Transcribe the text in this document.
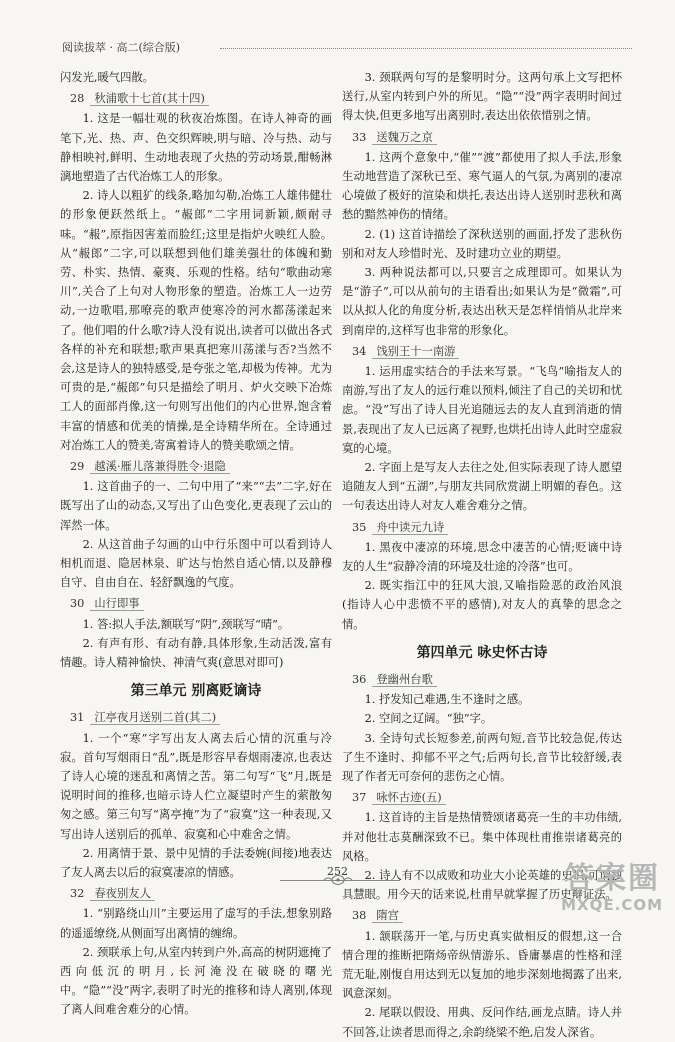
阅读拔萃 · 高二(综合版)

闪发光,暖气四散。

28 秋浦歌十七首(其十四)

1. 这是一幅壮观的秋夜冶炼图。在诗人神奇的画笔下,光、热、声、色交织辉映,明与暗、冷与热、动与静相映衬,鲜明、生动地表现了火热的劳动场景,酣畅淋漓地塑造了古代冶炼工人的形象。

2. 诗人以粗犷的线条,略加勾勒,冶炼工人雄伟健壮的形象便跃然纸上。“赧郎”二字用词新颖,颇耐寻味。“赧”,原指因害羞而脸红;这里是指炉火映红人脸。从“赧郎”二字,可以联想到他们雄美强壮的体魄和勤劳、朴实、热情、豪爽、乐观的性格。结句“歌曲动寒川”,关合了上句对人物形象的塑造。冶炼工人一边劳动,一边歌唱,那嘹亮的歌声使寒冷的河水都荡漾起来了。他们唱的什么歌?诗人没有说出,读者可以做出各式各样的补充和联想;歌声果真把寒川荡漾与否?当然不会,这是诗人的独特感受,是夸张之笔,却极为传神。尤为可贵的是,“赧郎”句只是描绘了明月、炉火交映下冶炼工人的面部肖像,这一句则写出他们的内心世界,饱含着丰富的情感和优美的情操,是全诗精华所在。全诗通过对冶炼工人的赞美,寄寓着诗人的赞美歌颂之情。

29 越溪·雁儿落兼得胜令·退隐

1. 这首曲子的一、二句中用了“来”“去”二字,好在既写出了山的动态,又写出了山色变化,更表现了云山的浑然一体。

2. 从这首曲子勾画的山中行乐图中可以看到诗人相机而退、隐居林泉、旷达与怡然自适心情,以及静穆自守、自由自在、轻舒飘逸的气度。

30 山行即事

1. 答:拟人手法,额联写“阴”,颈联写“晴”。

2. 有声有形、有动有静,具体形象,生动活泼,富有情趣。诗人精神愉快、神清气爽(意思对即可)

第三单元 别离贬谪诗
31 江亭夜月送别二首(其二)

1. 一个“寒”字写出友人离去后心情的沉重与冷寂。首句写烟雨日“乱”,既是形容早春烟雨凄凉,也表达了诗人心境的迷乱和离情之苦。第二句写“飞”月,既是说明时间的推移,也暗示诗人伫立凝望时产生的萦散匆匆之感。第三句写“离亭掩”为了“寂寞”这一种表现,又写出诗人送别后的孤单、寂寞和心中难舍之情。

2. 用离情于景、景中见情的手法委婉(间接)地表达了友人离去以后的寂寞凄凉的情感。

32 春夜别友人

1. “别路绕山川”主要运用了虚写的手法,想象别路的遥遥缭绕,从侧面写出离情的缠绵。

2. 颈联承上句,从室内转到户外,高高的树阴遮掩了西向低沉的明月,长河淹没在破晓的曙光中。“隐”“没”两字,表明了时光的推移和诗人离别,体现了离人间难舍难分的心情。

3. 颈联两句写的是黎明时分。这两句承上文写把杯送行,从室内转到户外的所见。“隐”“没”两字表明时间过得太快,但更多地写出离别时,表达出依依惜别之情。

33 送魏万之京

1. 这两个意象中,“催”“渡”都使用了拟人手法,形象生动地营造了深秋已至、寒气逼人的气氛,为离别的凄凉心境做了极好的渲染和烘托,表达出诗人送别时悲秋和离愁的黯然神伤的情绪。

2. (1) 这首诗描绘了深秋送别的画面,抒发了悲秋伤别和对友人珍惜时光、及时建功立业的期望。

3. 两种说法都可以,只要言之成理即可。如果认为是“游子”,可以从前句的主语看出;如果认为是“微霜”,可以从拟人化的角度分析,表达出秋天是怎样悄悄从北岸来到南岸的,这样写也非常的形象化。

34 饯别王十一南游

1. 运用虚实结合的手法来写景。“飞鸟”喻指友人的南游,写出了友人的远行难以预料,倾注了自己的关切和忧虑。“没”写出了诗人目光追随远去的友人直到消逝的情景,表现出了友人已远离了视野,也烘托出诗人此时空虚寂寞的心境。

2. 字面上是写友人去往之处,但实际表现了诗人愿望追随友人到“五湖”,与朋友共同欣赏湖上明媚的春色。这一句表达出诗人对友人难舍难分之情。

35 舟中读元九诗

1. 黑夜中凄凉的环境,思念中凄苦的心情;贬谪中诗友的人生“寂静冷清的环境及壮途的冷落”也可。

2. 既实指江中的狂风大浪,又喻指险恶的政治风浪(指诗人心中悲愤不平的感情),对友人的真挚的思念之情。

第四单元 咏史怀古诗
36 登幽州台歌

1. 抒发知己难遇,生不逢时之感。

2. 空间之辽阔。“独”字。

3. 全诗句式长短参差,前两句短,音节比较急促,传达了生不逢时、抑郁不平之气;后两句长,音节比较舒缓,表现了作者无可奈何的悲伤之心情。

37 咏怀古迹(五)

1. 这首诗的主旨是热情赞颂诸葛亮一生的丰功伟绩,并对他壮志莫酬深致不已。集中体现杜甫推崇诸葛亮的风格。

2. 诗人有不以成败和功业大小论英雄的史识,可谓独具慧眼。用今天的话来说,杜甫早就掌握了历史辩证法。

38 隋宫

1. 颔联荡开一笔,与历史真实做相反的假想,这一合情合理的推断把隋炀帝纵情游乐、昏庸暴虐的性格和淫荒无耻,刚愎自用达到无以复加的地步深刻地揭露了出来,讽意深刻。

2. 尾联以假设、用典、反问作结,画龙点睛。诗人并不回答,让读者思而得之,余韵绕梁不绝,启发人深省。

252	答案圈
MXQE.COM
